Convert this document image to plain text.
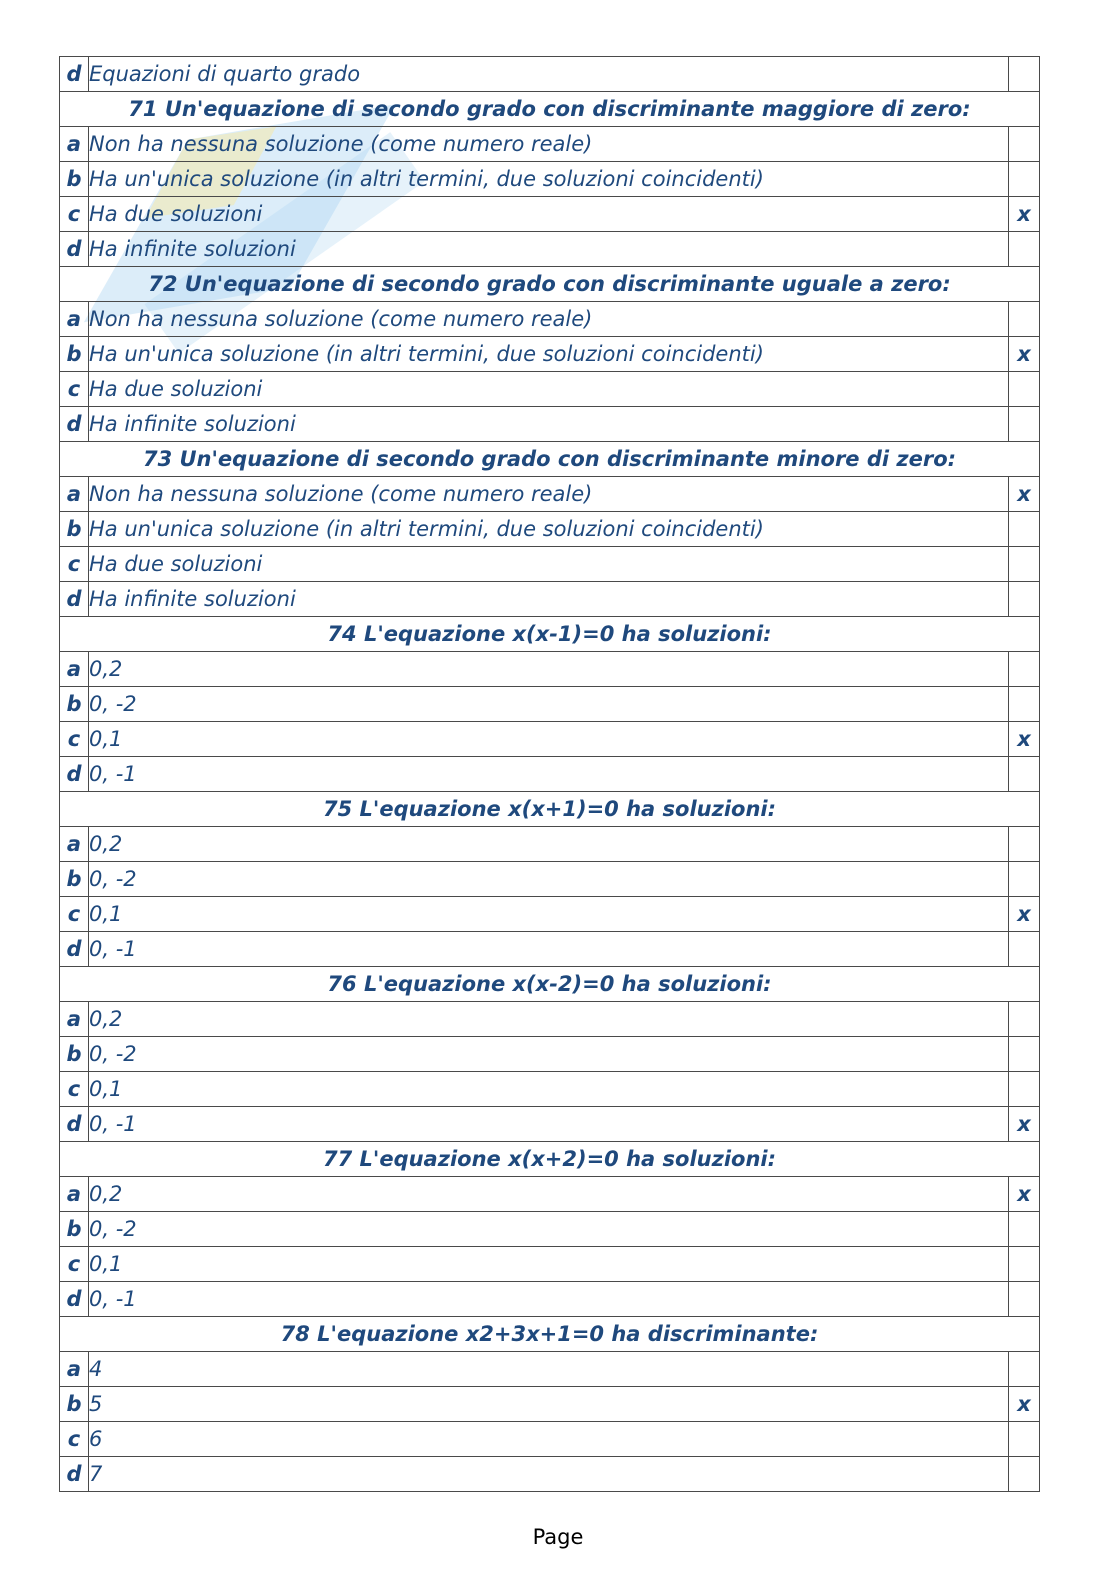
d	Equazioni di quarto grado	
71 Un'equazione di secondo grado con discriminante maggiore di zero:		
a	Non ha nessuna soluzione (come numero reale)	
b	Ha un'unica soluzione (in altri termini, due soluzioni coincidenti)	
c	Ha due soluzioni	x
d	Ha infinite soluzioni	
72 Un'equazione di secondo grado con discriminante uguale a zero:		
a	Non ha nessuna soluzione (come numero reale)	
b	Ha un'unica soluzione (in altri termini, due soluzioni coincidenti)	x
c	Ha due soluzioni	
d	Ha infinite soluzioni	
73 Un'equazione di secondo grado con discriminante minore di zero:		
a	Non ha nessuna soluzione (come numero reale)	x
b	Ha un'unica soluzione (in altri termini, due soluzioni coincidenti)	
c	Ha due soluzioni	
d	Ha infinite soluzioni	
74 L'equazione x(x-1)=0 ha soluzioni:		
a	0,2	
b	0, -2	
c	0,1	x
d	0, -1	
75 L'equazione x(x+1)=0 ha soluzioni:		
a	0,2	
b	0, -2	
c	0,1	x
d	0, -1	
76 L'equazione x(x-2)=0 ha soluzioni:		
a	0,2	
b	0, -2	
c	0,1	
d	0, -1	x
77 L'equazione x(x+2)=0 ha soluzioni:		
a	0,2	x
b	0, -2	
c	0,1	
d	0, -1	
78 L'equazione x2+3x+1=0 ha discriminante:		
a	4	
b	5	x
c	6	
d	7	
Page
